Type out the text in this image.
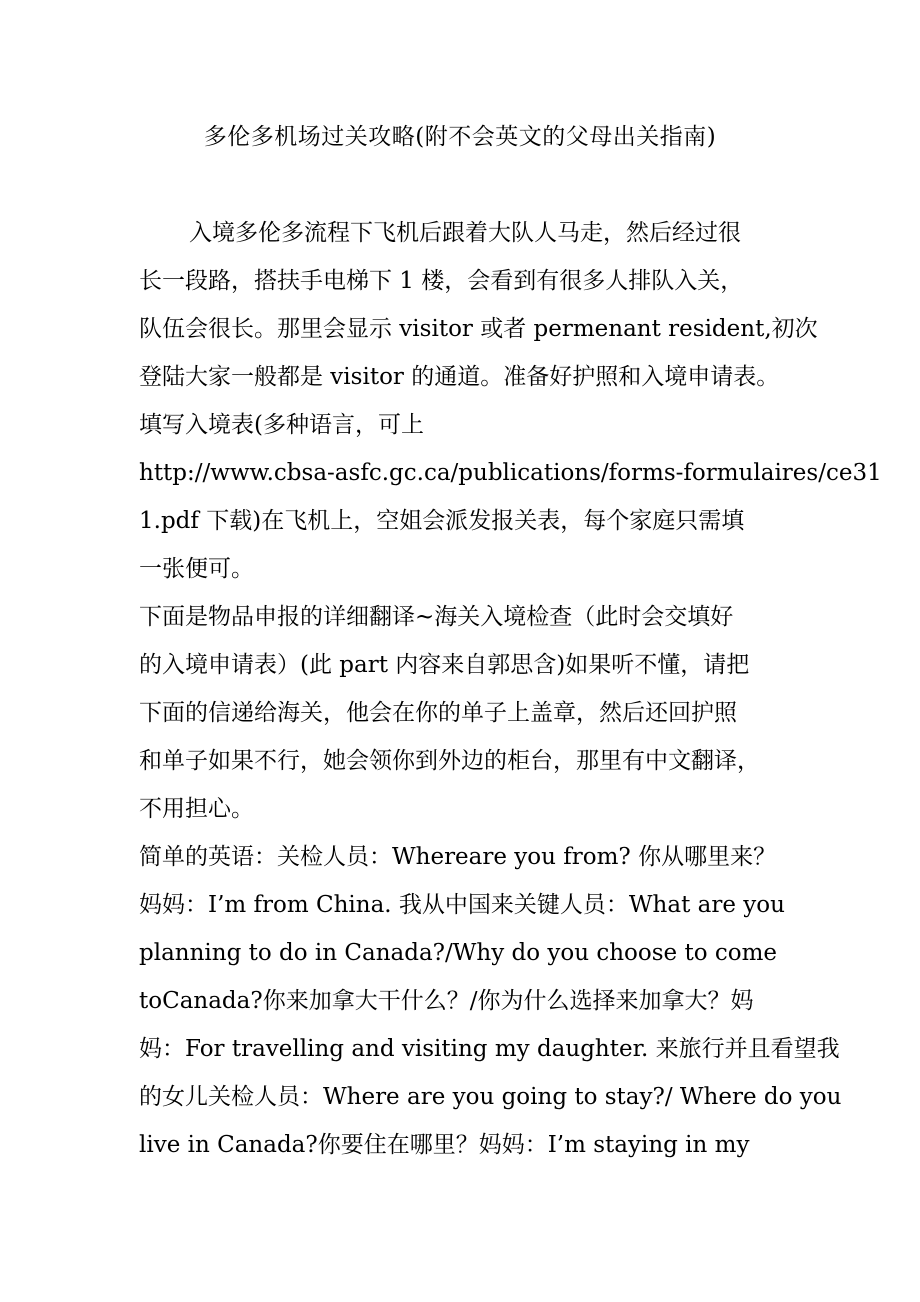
多伦多机场过关攻略(附不会英文的父母出关指南)
入境多伦多流程下飞机后跟着大队人马走，然后经过很
长一段路，搭扶手电梯下 1 楼，会看到有很多人排队入关，
队伍会很长。那里会显示 visitor 或者 permenant resident,初次
登陆大家一般都是 visitor 的通道。准备好护照和入境申请表。
填写入境表(多种语言，可上
http://www.cbsa-asfc.gc.ca/publications/forms-formulaires/ce31
1.pdf 下载)在飞机上，空姐会派发报关表，每个家庭只需填
一张便可。
下面是物品申报的详细翻译~海关入境检查（此时会交填好
的入境申请表）(此 part 内容来自郭思含)如果听不懂，请把
下面的信递给海关，他会在你的单子上盖章，然后还回护照
和单子如果不行，她会领你到外边的柜台，那里有中文翻译，
不用担心。
简单的英语：关检人员：Whereare you from? 你从哪里来？
妈妈：I’m from China. 我从中国来关键人员：What are you
planning to do in Canada?/Why do you choose to come
toCanada?你来加拿大干什么？/你为什么选择来加拿大？妈
妈：For travelling and visiting my daughter. 来旅行并且看望我
的女儿关检人员：Where are you going to stay?/ Where do you
live in Canada?你要住在哪里？妈妈：I’m staying in my
